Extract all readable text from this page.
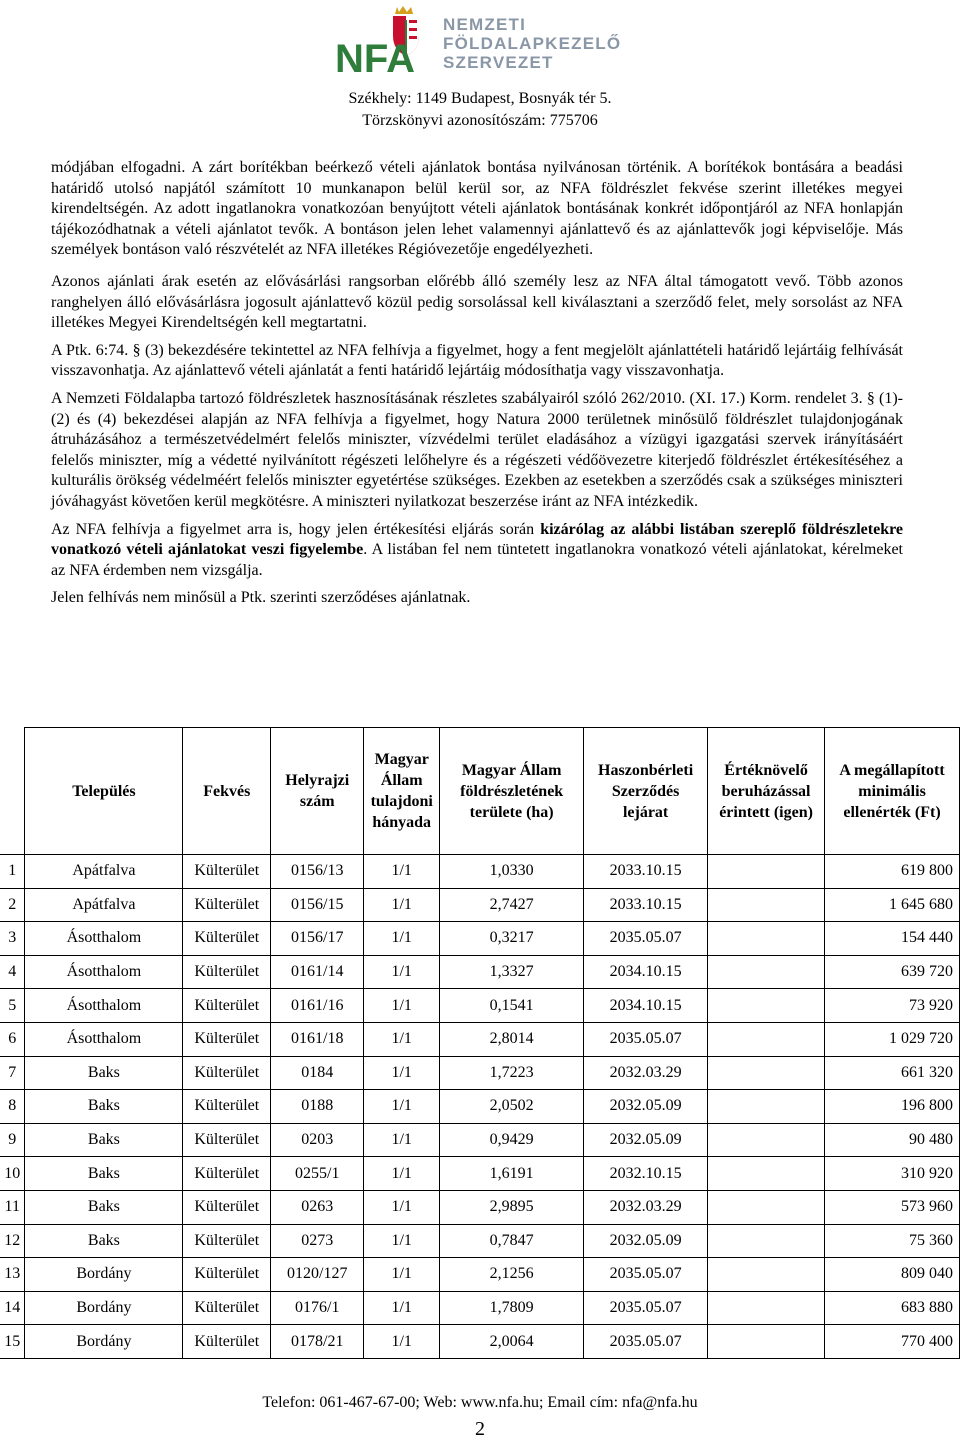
NFA
NEMZETI
FÖLDALAPKEZELŐ
SZERVEZET
Székhely: 1149 Budapest, Bosnyák tér 5.
Törzskönyvi azonosítószám: 775706

módjában elfogadni. A zárt borítékban beérkező vételi ajánlatok bontása nyilvánosan történik. A borítékok bontására a beadási határidő utolsó napjától számított 10 munkanapon belül kerül sor, az NFA földrészlet fekvése szerint illetékes megyei kirendeltségén. Az adott ingatlanokra vonatkozóan benyújtott vételi ajánlatok bontásának konkrét időpontjáról az NFA honlapján tájékozódhatnak a vételi ajánlatot tevők. A bontáson jelen lehet valamennyi ajánlattevő és az ajánlattevők jogi képviselője. Más személyek bontáson való részvételét az NFA illetékes Régióvezetője engedélyezheti.

Azonos ajánlati árak esetén az elővásárlási rangsorban előrébb álló személy lesz az NFA által támogatott vevő. Több azonos ranghelyen álló elővásárlásra jogosult ajánlattevő közül pedig sorsolással kell kiválasztani a szerződő felet, mely sorsolást az NFA illetékes Megyei Kirendeltségén kell megtartatni.

A Ptk. 6:74. § (3) bekezdésére tekintettel az NFA felhívja a figyelmet, hogy a fent megjelölt ajánlattételi határidő lejártáig felhívását visszavonhatja. Az ajánlattevő vételi ajánlatát a fenti határidő lejártáig módosíthatja vagy visszavonhatja.

A Nemzeti Földalapba tartozó földrészletek hasznosításának részletes szabályairól szóló 262/2010. (XI. 17.) Korm. rendelet 3. § (1)-(2) és (4) bekezdései alapján az NFA felhívja a figyelmet, hogy Natura 2000 területnek minősülő földrészlet tulajdonjogának átruházásához a természetvédelmért felelős miniszter, vízvédelmi terület eladásához a vízügyi igazgatási szervek irányításáért felelős miniszter, míg a védetté nyilvánított régészeti lelőhelyre és a régészeti védőövezetre kiterjedő földrészlet értékesítéséhez a kulturális örökség védelméért felelős miniszter egyetértése szükséges. Ezekben az esetekben a szerződés csak a szükséges miniszteri jóváhagyást követően kerül megkötésre. A miniszteri nyilatkozat beszerzése iránt az NFA intézkedik.

Az NFA felhívja a figyelmet arra is, hogy jelen értékesítési eljárás során kizárólag az alábbi listában szereplő földrészletekre vonatkozó vételi ajánlatokat veszi figyelembe. A listában fel nem tüntetett ingatlanokra vonatkozó vételi ajánlatokat, kérelmeket az NFA érdemben nem vizsgálja.

Jelen felhívás nem minősül a Ptk. szerinti szerződéses ajánlatnak.

	Település	Fekvés	Helyrajzi szám	Magyar Állam tulajdoni hányada	Magyar Állam földrészletének területe (ha)	Haszonbérleti Szerződés lejárat	Értéknövelő beruházással érintett (igen)	A megállapított minimális ellenérték (Ft)
1	Apátfalva	Külterület	0156/13	1/1	1,0330	2033.10.15		619 800
2	Apátfalva	Külterület	0156/15	1/1	2,7427	2033.10.15		1 645 680
3	Ásotthalom	Külterület	0156/17	1/1	0,3217	2035.05.07		154 440
4	Ásotthalom	Külterület	0161/14	1/1	1,3327	2034.10.15		639 720
5	Ásotthalom	Külterület	0161/16	1/1	0,1541	2034.10.15		73 920
6	Ásotthalom	Külterület	0161/18	1/1	2,8014	2035.05.07		1 029 720
7	Baks	Külterület	0184	1/1	1,7223	2032.03.29		661 320
8	Baks	Külterület	0188	1/1	2,0502	2032.05.09		196 800
9	Baks	Külterület	0203	1/1	0,9429	2032.05.09		90 480
10	Baks	Külterület	0255/1	1/1	1,6191	2032.10.15		310 920
11	Baks	Külterület	0263	1/1	2,9895	2032.03.29		573 960
12	Baks	Külterület	0273	1/1	0,7847	2032.05.09		75 360
13	Bordány	Külterület	0120/127	1/1	2,1256	2035.05.07		809 040
14	Bordány	Külterület	0176/1	1/1	1,7809	2035.05.07		683 880
15	Bordány	Külterület	0178/21	1/1	2,0064	2035.05.07		770 400
Telefon: 061-467-67-00; Web: www.nfa.hu; Email cím: nfa@nfa.hu
2
